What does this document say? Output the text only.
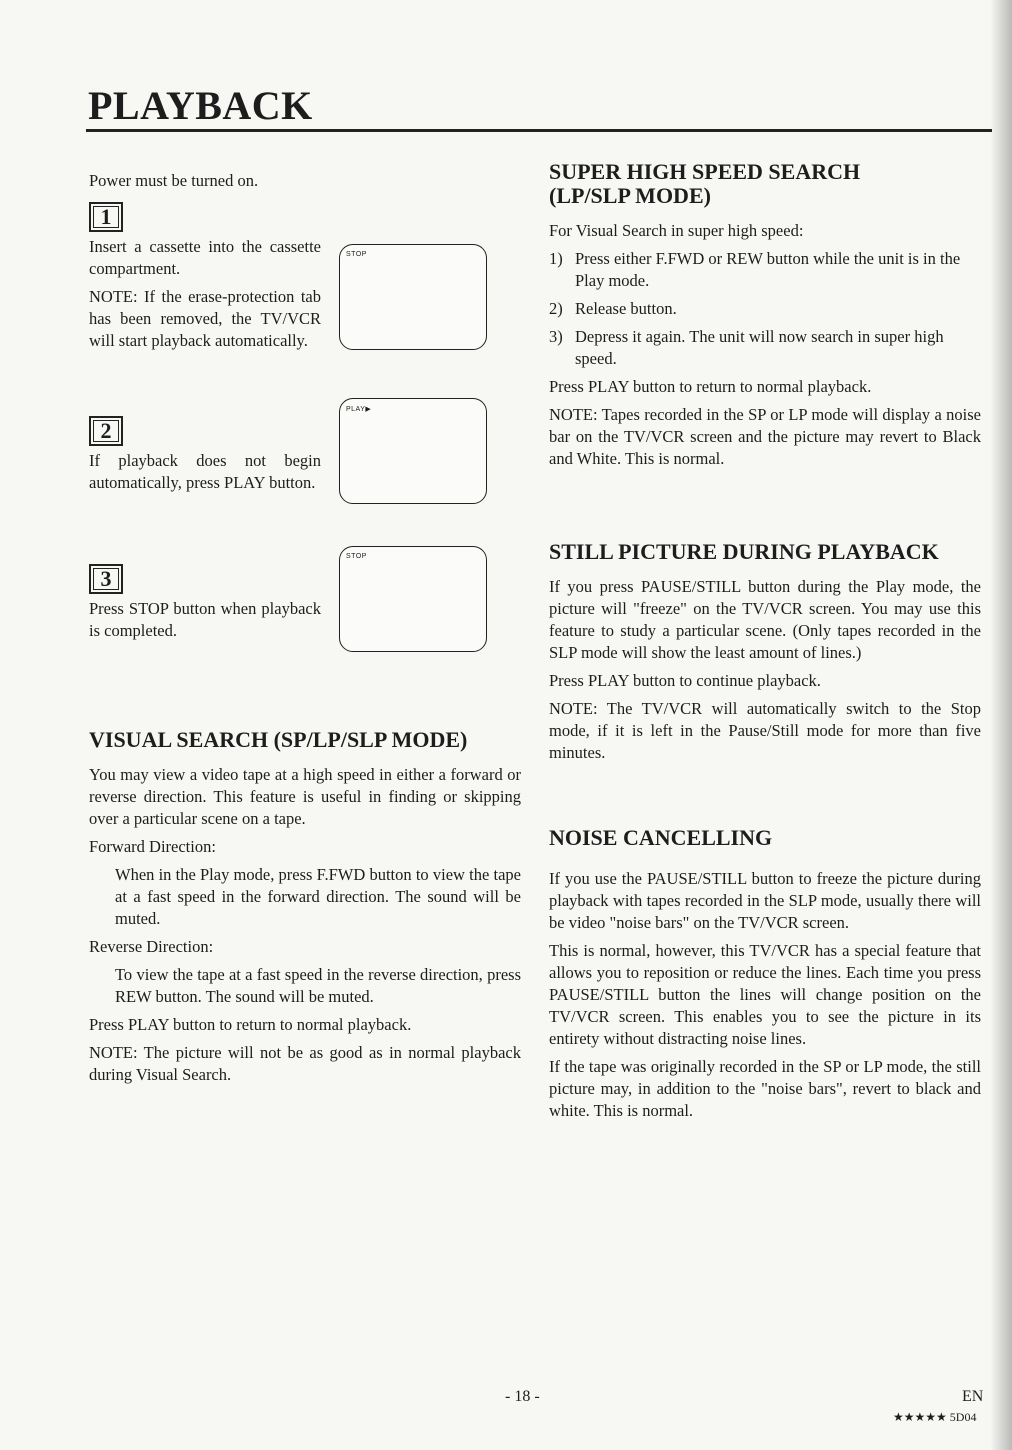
PLAYBACK

Power must be turned on.

1

Insert a cassette into the cassette compartment.

NOTE: If the erase-protection tab has been removed, the TV/VCR will start playback automatically.

STOP
2

If playback does not begin automatically, press PLAY button.

PLAY▶
3

Press STOP button when playback is completed.

STOP
VISUAL SEARCH (SP/LP/SLP MODE)

You may view a video tape at a high speed in either a forward or reverse direction. This feature is useful in finding or skipping over a particular scene on a tape.

Forward Direction:

When in the Play mode, press F.FWD button to view the tape at a fast speed in the forward direction. The sound will be muted.

Reverse Direction:

To view the tape at a fast speed in the reverse direction, press REW button. The sound will be muted.

Press PLAY button to return to normal playback.

NOTE: The picture will not be as good as in normal playback during Visual Search.

SUPER HIGH SPEED SEARCH
(LP/SLP MODE)

For Visual Search in super high speed:

1) Press either F.FWD or REW button while the unit is in the Play mode.
2) Release button.
3) Depress it again. The unit will now search in super high speed.

Press PLAY button to return to normal playback.

NOTE: Tapes recorded in the SP or LP mode will display a noise bar on the TV/VCR screen and the picture may revert to Black and White. This is normal.

STILL PICTURE DURING PLAYBACK

If you press PAUSE/STILL button during the Play mode, the picture will "freeze" on the TV/VCR screen. You may use this feature to study a particular scene. (Only tapes recorded in the SLP mode will show the least amount of lines.)

Press PLAY button to continue playback.

NOTE: The TV/VCR will automatically switch to the Stop mode, if it is left in the Pause/Still mode for more than five minutes.

NOISE CANCELLING

If you use the PAUSE/STILL button to freeze the picture during playback with tapes recorded in the SLP mode, usually there will be video "noise bars" on the TV/VCR screen.

This is normal, however, this TV/VCR has a special feature that allows you to reposition or reduce the lines. Each time you press PAUSE/STILL button the lines will change position on the TV/VCR screen. This enables you to see the picture in its entirety without distracting noise lines.

If the tape was originally recorded in the SP or LP mode, the still picture may, in addition to the "noise bars", revert to black and white. This is normal.

- 18 -	EN
★★★★★ 5D04
